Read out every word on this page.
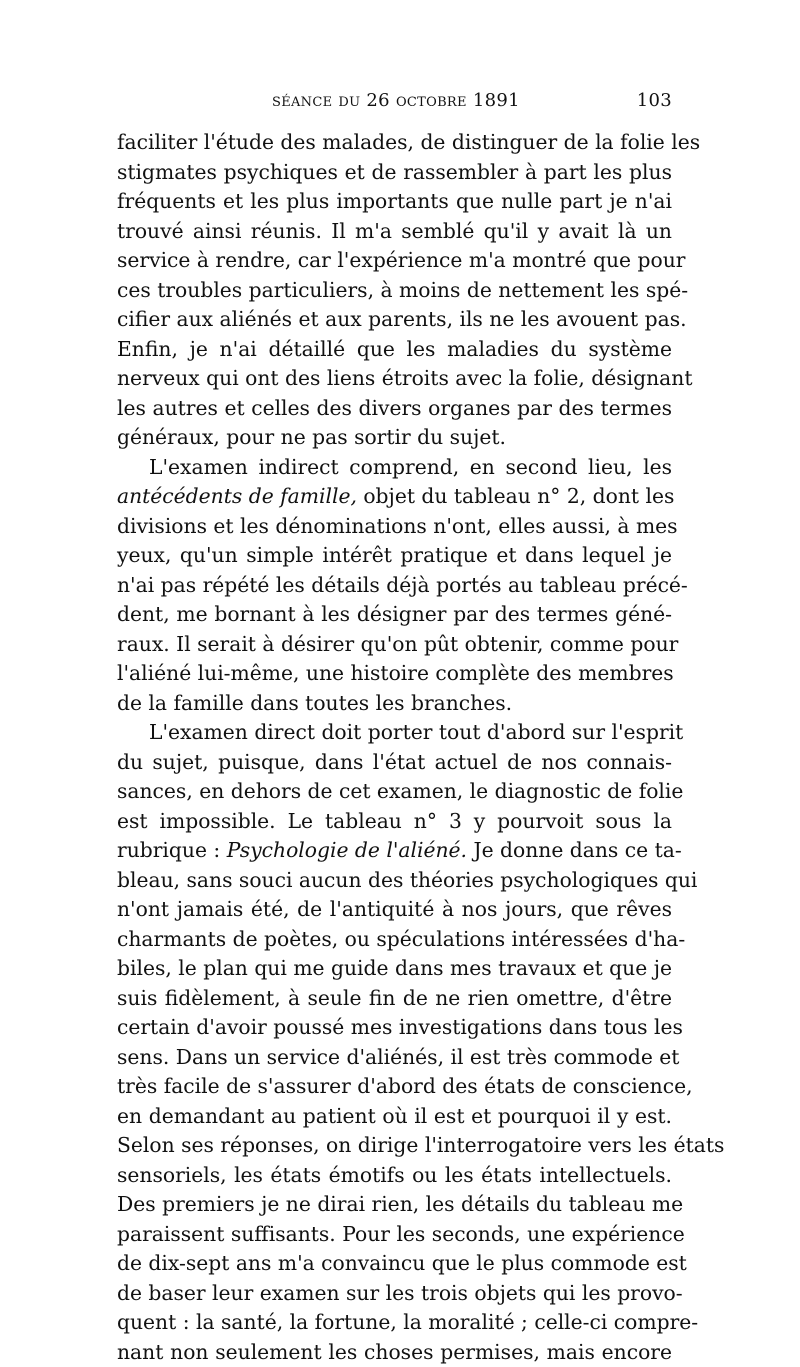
séance du 26 octobre 1891	103
faciliter l'étude des malades, de distinguer de la folie les
stigmates psychiques et de rassembler à part les plus
fréquents et les plus importants que nulle part je n'ai
trouvé ainsi réunis. Il m'a semblé qu'il y avait là un
service à rendre, car l'expérience m'a montré que pour
ces troubles particuliers, à moins de nettement les spé-
cifier aux aliénés et aux parents, ils ne les avouent pas.
Enfin, je n'ai détaillé que les maladies du système
nerveux qui ont des liens étroits avec la folie, désignant
les autres et celles des divers organes par des termes
généraux, pour ne pas sortir du sujet.
L'examen indirect comprend, en second lieu, les
antécédents de famille, objet du tableau n° 2, dont les
divisions et les dénominations n'ont, elles aussi, à mes
yeux, qu'un simple intérêt pratique et dans lequel je
n'ai pas répété les détails déjà portés au tableau précé-
dent, me bornant à les désigner par des termes géné-
raux. Il serait à désirer qu'on pût obtenir, comme pour
l'aliéné lui-même, une histoire complète des membres
de la famille dans toutes les branches.
L'examen direct doit porter tout d'abord sur l'esprit
du sujet, puisque, dans l'état actuel de nos connais-
sances, en dehors de cet examen, le diagnostic de folie
est impossible. Le tableau n° 3 y pourvoit sous la
rubrique : Psychologie de l'aliéné. Je donne dans ce ta-
bleau, sans souci aucun des théories psychologiques qui
n'ont jamais été, de l'antiquité à nos jours, que rêves
charmants de poètes, ou spéculations intéressées d'ha-
biles, le plan qui me guide dans mes travaux et que je
suis fidèlement, à seule fin de ne rien omettre, d'être
certain d'avoir poussé mes investigations dans tous les
sens. Dans un service d'aliénés, il est très commode et
très facile de s'assurer d'abord des états de conscience,
en demandant au patient où il est et pourquoi il y est.
Selon ses réponses, on dirige l'interrogatoire vers les états
sensoriels, les états émotifs ou les états intellectuels.
Des premiers je ne dirai rien, les détails du tableau me
paraissent suffisants. Pour les seconds, une expérience
de dix-sept ans m'a convaincu que le plus commode est
de baser leur examen sur les trois objets qui les provo-
quent : la santé, la fortune, la moralité ; celle-ci compre-
nant non seulement les choses permises, mais encore
